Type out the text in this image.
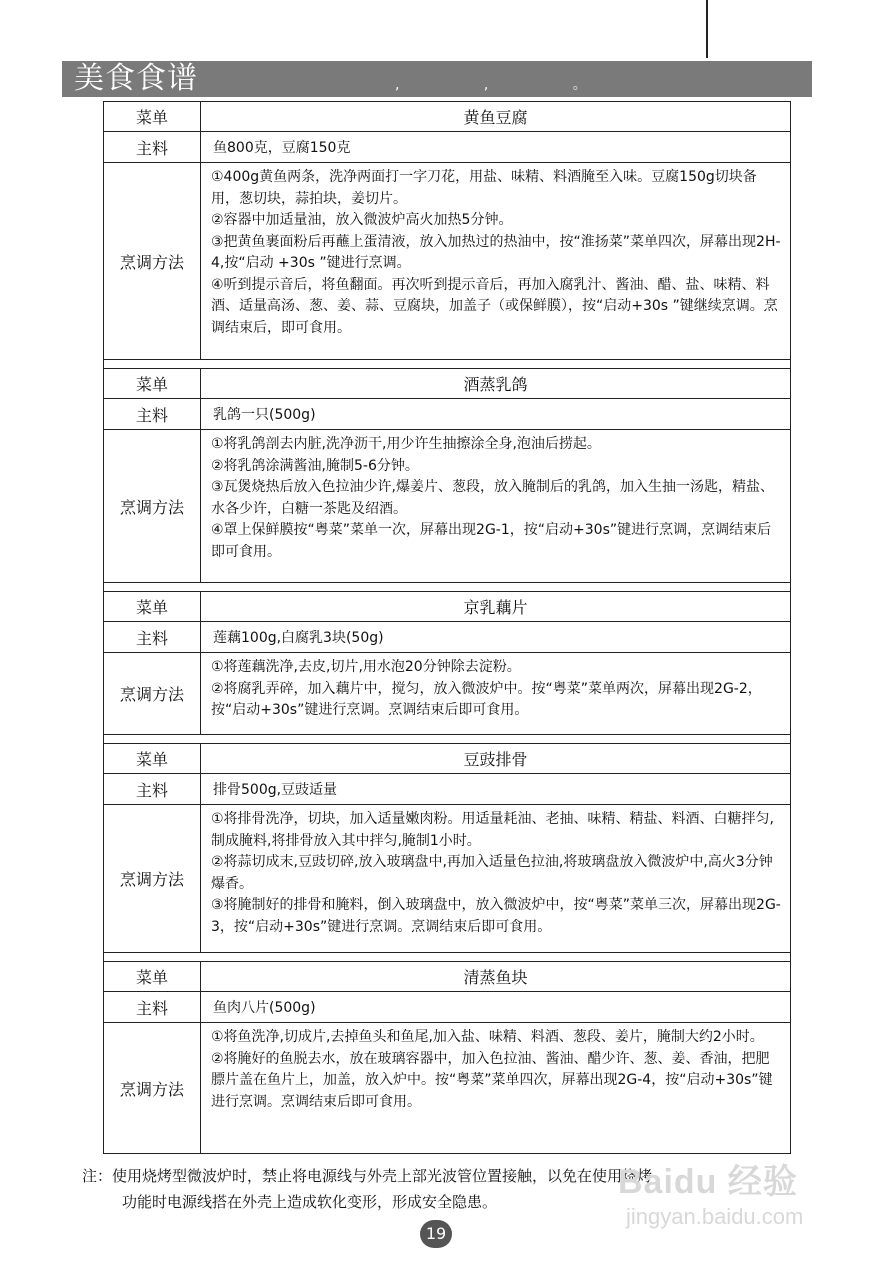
美食食谱	, , 。
菜单	黄鱼豆腐
主料	鱼800克，豆腐150克
烹调方法	①400g黄鱼两条，洗净两面打一字刀花，用盐、味精、料酒腌至入味。豆腐150g切块备用，葱切块，蒜拍块，姜切片。
②容器中加适量油，放入微波炉高火加热5分钟。
③把黄鱼裹面粉后再蘸上蛋清液，放入加热过的热油中，按“淮扬菜”菜单四次，屏幕出现2H-4,按“启动 +30s ”键进行烹调。
④听到提示音后，将鱼翻面。再次听到提示音后，再加入腐乳汁、酱油、醋、盐、味精、料酒、适量高汤、葱、姜、蒜、豆腐块，加盖子（或保鲜膜），按“启动+30s ”键继续烹调。烹调结束后，即可食用。

菜单	酒蒸乳鸽
主料	乳鸽一只(500g)
烹调方法	①将乳鸽剖去内脏,洗净沥干,用少许生抽擦涂全身,泡油后捞起。
②将乳鸽涂满酱油,腌制5-6分钟。
③瓦煲烧热后放入色拉油少许,爆姜片、葱段，放入腌制后的乳鸽，加入生抽一汤匙，精盐、水各少许，白糖一茶匙及绍酒。
④罩上保鲜膜按“粤菜”菜单一次，屏幕出现2G-1，按“启动+30s”键进行烹调，烹调结束后即可食用。

菜单	京乳藕片
主料	莲藕100g,白腐乳3块(50g)
烹调方法	①将莲藕洗净,去皮,切片,用水泡20分钟除去淀粉。
②将腐乳弄碎，加入藕片中，搅匀，放入微波炉中。按“粤菜”菜单两次，屏幕出现2G-2，按“启动+30s”键进行烹调。烹调结束后即可食用。

菜单	豆豉排骨
主料	排骨500g,豆豉适量
烹调方法	①将排骨洗净，切块，加入适量嫩肉粉。用适量耗油、老抽、味精、精盐、料酒、白糖拌匀,制成腌料,将排骨放入其中拌匀,腌制1小时。
②将蒜切成末,豆豉切碎,放入玻璃盘中,再加入适量色拉油,将玻璃盘放入微波炉中,高火3分钟爆香。
③将腌制好的排骨和腌料，倒入玻璃盘中，放入微波炉中，按“粤菜”菜单三次，屏幕出现2G-3，按“启动+30s”键进行烹调。烹调结束后即可食用。

菜单	清蒸鱼块
主料	鱼肉八片(500g)
烹调方法	①将鱼洗净,切成片,去掉鱼头和鱼尾,加入盐、味精、料酒、葱段、姜片，腌制大约2小时。
②将腌好的鱼脱去水，放在玻璃容器中，加入色拉油、酱油、醋少许、葱、姜、香油，把肥膘片盖在鱼片上，加盖，放入炉中。按“粤菜”菜单四次，屏幕出现2G-4，按“启动+30s”键进行烹调。烹调结束后即可食用。
注：使用烧烤型微波炉时，禁止将电源线与外壳上部光波管位置接触，以免在使用烧烤
功能时电源线搭在外壳上造成软化变形，形成安全隐患。
Baidu 经验
jingyan.baidu.com
19
